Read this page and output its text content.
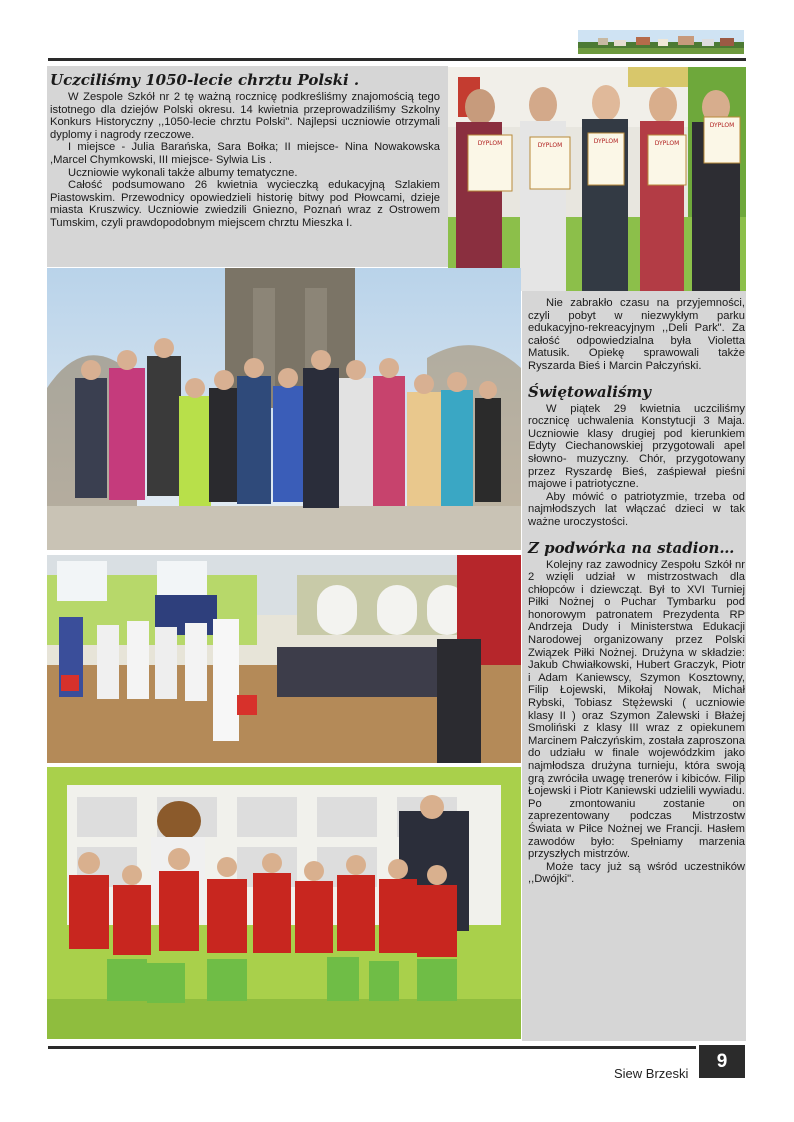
Uczciliśmy 1050-lecie chrztu Polski .

W Zespole Szkół nr 2 tę ważną rocznicę podkreśliśmy znajomością tego istotnego dla dziejów Polski okresu. 14 kwietnia przeprowadziliśmy Szkolny Konkurs Historyczny ,,1050-lecie chrztu Polski". Najlepsi uczniowie otrzymali dyplomy i nagrody rzeczowe.

I miejsce - Julia Barańska, Sara Bołka; II miejsce- Nina Nowakowska ,Marcel Chymkowski, III miejsce- Sylwia Lis .

Uczniowie wykonali także albumy tematyczne.

Całość podsumowano 26 kwietnia wycieczką edukacyjną Szlakiem Piastowskim. Przewodnicy opowiedzieli historię bitwy pod Płowcami, dzieje miasta Kruszwicy. Uczniowie zwiedzili Gniezno, Poznań wraz z Ostrowem Tumskim, czyli prawdopodobnym miejscem chrztu Mieszka I.

DYPLOM	DYPLOM
DYPLOM	DYPLOM
DYPLOM

Nie zabrakło czasu na przyjemności, czyli pobyt w niezwykłym parku edukacyjno-rekreacyjnym ,,Deli Park". Za całość odpowiedzialna była Violetta Matusik. Opiekę sprawowali także Ryszarda Bieś i Marcin Pałczyński.

Świętowaliśmy

W piątek 29 kwietnia uczciliśmy rocznicę uchwalenia Konstytucji 3 Maja. Uczniowie klasy drugiej pod kierunkiem Edyty Ciechanowskiej przygotowali apel słowno- muzyczny. Chór, przygotowany przez Ryszardę Bieś, zaśpiewał pieśni majowe i patriotyczne.

Aby mówić o patriotyzmie, trzeba od najmłodszych lat włączać dzieci w tak ważne uroczystości.

Z podwórka na stadion…

Kolejny raz zawodnicy Zespołu Szkół nr 2 wzięli udział w mistrzostwach dla chłopców i dziewcząt. Był to XVI Turniej Piłki Nożnej o Puchar Tymbarku pod honorowym patronatem Prezydenta RP Andrzeja Dudy i Ministerstwa Edukacji Narodowej organizowany przez Polski Związek Piłki Nożnej. Drużyna w składzie: Jakub Chwiałkowski, Hubert Graczyk, Piotr i Adam Kaniewscy, Szymon Kosztowny, Filip Łojewski, Mikołaj Nowak, Michał Rybski, Tobiasz Stężewski ( uczniowie klasy II ) oraz Szymon Zalewski i Błażej Smoliński z klasy III wraz z opiekunem Marcinem Pałczyńskim, została zaproszona do udziału w finale wojewódzkim jako najmłodsza drużyna turnieju, która swoją grą zwróciła uwagę trenerów i kibiców. Filip Łojewski i Piotr Kaniewski udzielili wywiadu. Po zmontowaniu zostanie on zaprezentowany podczas Mistrzostw Świata w Piłce Nożnej we Francji. Hasłem zawodów było: Spełniamy marzenia przyszłych mistrzów.

Może tacy już są wśród uczestników ,,Dwójki".

9
Siew Brzeski
